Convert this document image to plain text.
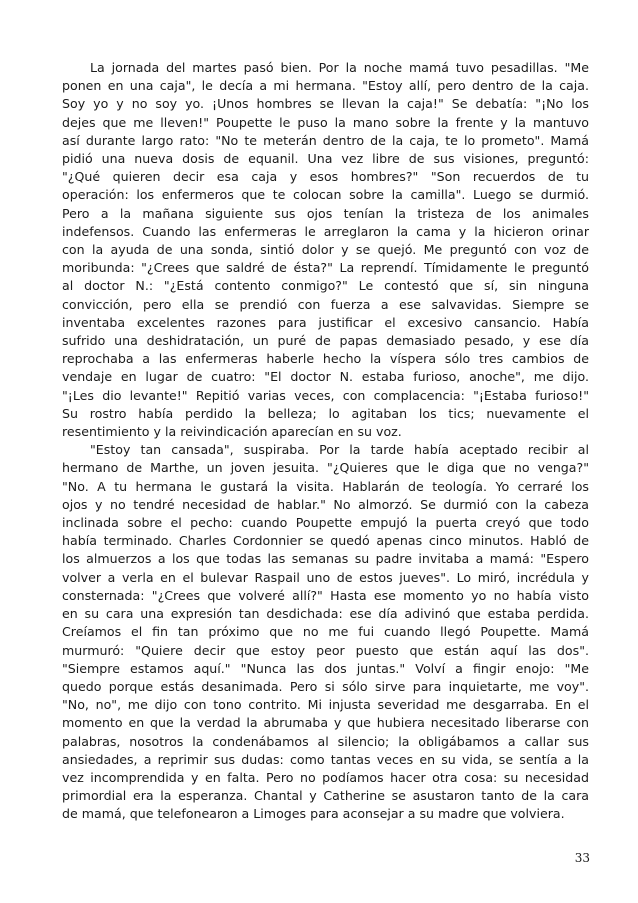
La jornada del martes pasó bien. Por la noche mamá tuvo pesadillas. "Me
ponen en una caja", le decía a mi hermana. "Estoy allí, pero dentro de la caja.
Soy yo y no soy yo. ¡Unos hombres se llevan la caja!" Se debatía: "¡No los
dejes que me lleven!" Poupette le puso la mano sobre la frente y la mantuvo
así durante largo rato: "No te meterán dentro de la caja, te lo prometo". Mamá
pidió una nueva dosis de equanil. Una vez libre de sus visiones, preguntó:
"¿Qué quieren decir esa caja y esos hombres?" "Son recuerdos de tu
operación: los enfermeros que te colocan sobre la camilla". Luego se durmió.
Pero a la mañana siguiente sus ojos tenían la tristeza de los animales
indefensos. Cuando las enfermeras le arreglaron la cama y la hicieron orinar
con la ayuda de una sonda, sintió dolor y se quejó. Me preguntó con voz de
moribunda: "¿Crees que saldré de ésta?" La reprendí. Tímidamente le preguntó
al doctor N.: "¿Está contento conmigo?" Le contestó que sí, sin ninguna
convicción, pero ella se prendió con fuerza a ese salvavidas. Siempre se
inventaba excelentes razones para justificar el excesivo cansancio. Había
sufrido una deshidratación, un puré de papas demasiado pesado, y ese día
reprochaba a las enfermeras haberle hecho la víspera sólo tres cambios de
vendaje en lugar de cuatro: "El doctor N. estaba furioso, anoche", me dijo.
"¡Les dio levante!" Repitió varias veces, con complacencia: "¡Estaba furioso!"
Su rostro había perdido la belleza; lo agitaban los tics; nuevamente el
resentimiento y la reivindicación aparecían en su voz.
"Estoy tan cansada", suspiraba. Por la tarde había aceptado recibir al
hermano de Marthe, un joven jesuita. "¿Quieres que le diga que no venga?"
"No. A tu hermana le gustará la visita. Hablarán de teología. Yo cerraré los
ojos y no tendré necesidad de hablar." No almorzó. Se durmió con la cabeza
inclinada sobre el pecho: cuando Poupette empujó la puerta creyó que todo
había terminado. Charles Cordonnier se quedó apenas cinco minutos. Habló de
los almuerzos a los que todas las semanas su padre invitaba a mamá: "Espero
volver a verla en el bulevar Raspail uno de estos jueves". Lo miró, incrédula y
consternada: "¿Crees que volveré allí?" Hasta ese momento yo no había visto
en su cara una expresión tan desdichada: ese día adivinó que estaba perdida.
Creíamos el fin tan próximo que no me fui cuando llegó Poupette. Mamá
murmuró: "Quiere decir que estoy peor puesto que están aquí las dos".
"Siempre estamos aquí." "Nunca las dos juntas." Volví a fingir enojo: "Me
quedo porque estás desanimada. Pero si sólo sirve para inquietarte, me voy".
"No, no", me dijo con tono contrito. Mi injusta severidad me desgarraba. En el
momento en que la verdad la abrumaba y que hubiera necesitado liberarse con
palabras, nosotros la condenábamos al silencio; la obligábamos a callar sus
ansiedades, a reprimir sus dudas: como tantas veces en su vida, se sentía a la
vez incomprendida y en falta. Pero no podíamos hacer otra cosa: su necesidad
primordial era la esperanza. Chantal y Catherine se asustaron tanto de la cara
de mamá, que telefonearon a Limoges para aconsejar a su madre que volviera.
33
